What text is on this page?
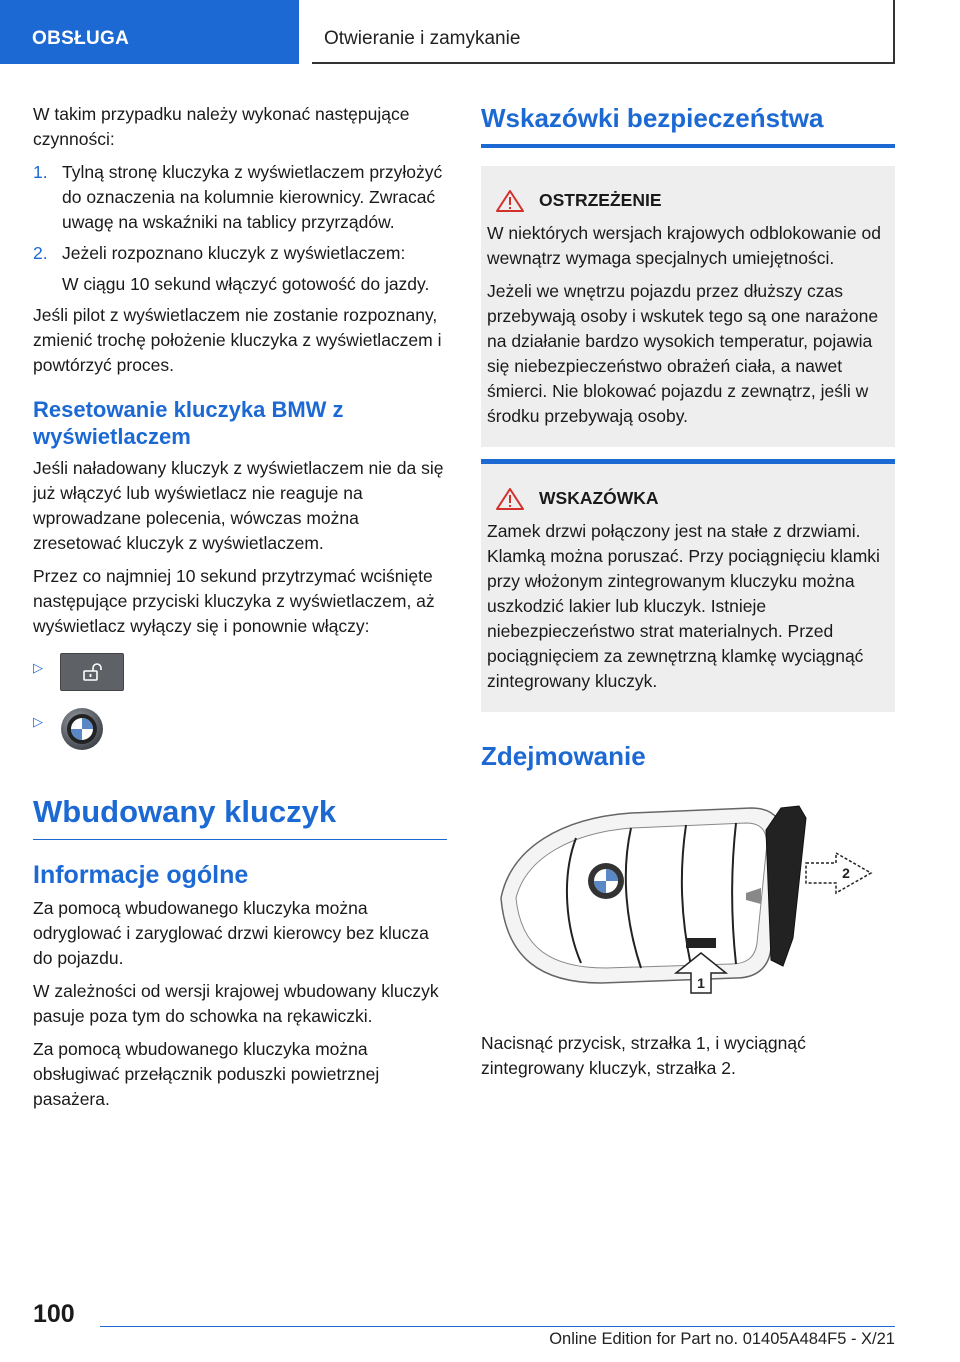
OBSŁUGA	Otwieranie i zamykanie

W takim przypadku należy wykonać następujące czynności:

1. Tylną stronę kluczyka z wyświetlaczem przyłożyć do oznaczenia na kolumnie kierownicy. Zwracać uwagę na wskaźniki na tablicy przyrządów.
2. Jeżeli rozpoznano kluczyk z wyświetlaczem:
W ciągu 10 sekund włączyć gotowość do jazdy.

Jeśli pilot z wyświetlaczem nie zostanie rozpoznany, zmienić trochę położenie kluczyka z wyświetlaczem i powtórzyć proces.

Resetowanie kluczyka BMW z wyświetlaczem

Jeśli naładowany kluczyk z wyświetlaczem nie da się już włączyć lub wyświetlacz nie reaguje na wprowadzane polecenia, wówczas można zresetować kluczyk z wyświetlaczem.

Przez co najmniej 10 sekund przytrzymać wciśnięte następujące przyciski kluczyka z wyświetlaczem, aż wyświetlacz wyłączy się i ponownie włączy:

▷
▷
Wbudowany kluczyk
Informacje ogólne

Za pomocą wbudowanego kluczyka można odryglować i zaryglować drzwi kierowcy bez klucza do pojazdu.

W zależności od wersji krajowej wbudowany kluczyk pasuje poza tym do schowka na rękawiczki.

Za pomocą wbudowanego kluczyka można obsługiwać przełącznik poduszki powietrznej pasażera.

Wskazówki bezpieczeństwa
OSTRZEŻENIE

W niektórych wersjach krajowych odblokowanie od wewnątrz wymaga specjalnych umiejętności.

Jeżeli we wnętrzu pojazdu przez dłuższy czas przebywają osoby i wskutek tego są one narażone na działanie bardzo wysokich temperatur, pojawia się niebezpieczeństwo obrażeń ciała, a nawet śmierci. Nie blokować pojazdu z zewnątrz, jeśli w środku przebywają osoby.

WSKAZÓWKA

Zamek drzwi połączony jest na stałe z drzwiami. Klamką można poruszać. Przy pociągnięciu klamki przy włożonym zintegrowanym kluczyku można uszkodzić lakier lub kluczyk. Istnieje niebezpieczeństwo strat materialnych. Przed pociągnięciem za zewnętrzną klamkę wyciągnąć zintegrowany kluczyk.

Zdejmowanie
1
2

Nacisnąć przycisk, strzałka 1, i wyciągnąć zintegrowany kluczyk, strzałka 2.

100
Online Edition for Part no. 01405A484F5 - X/21
